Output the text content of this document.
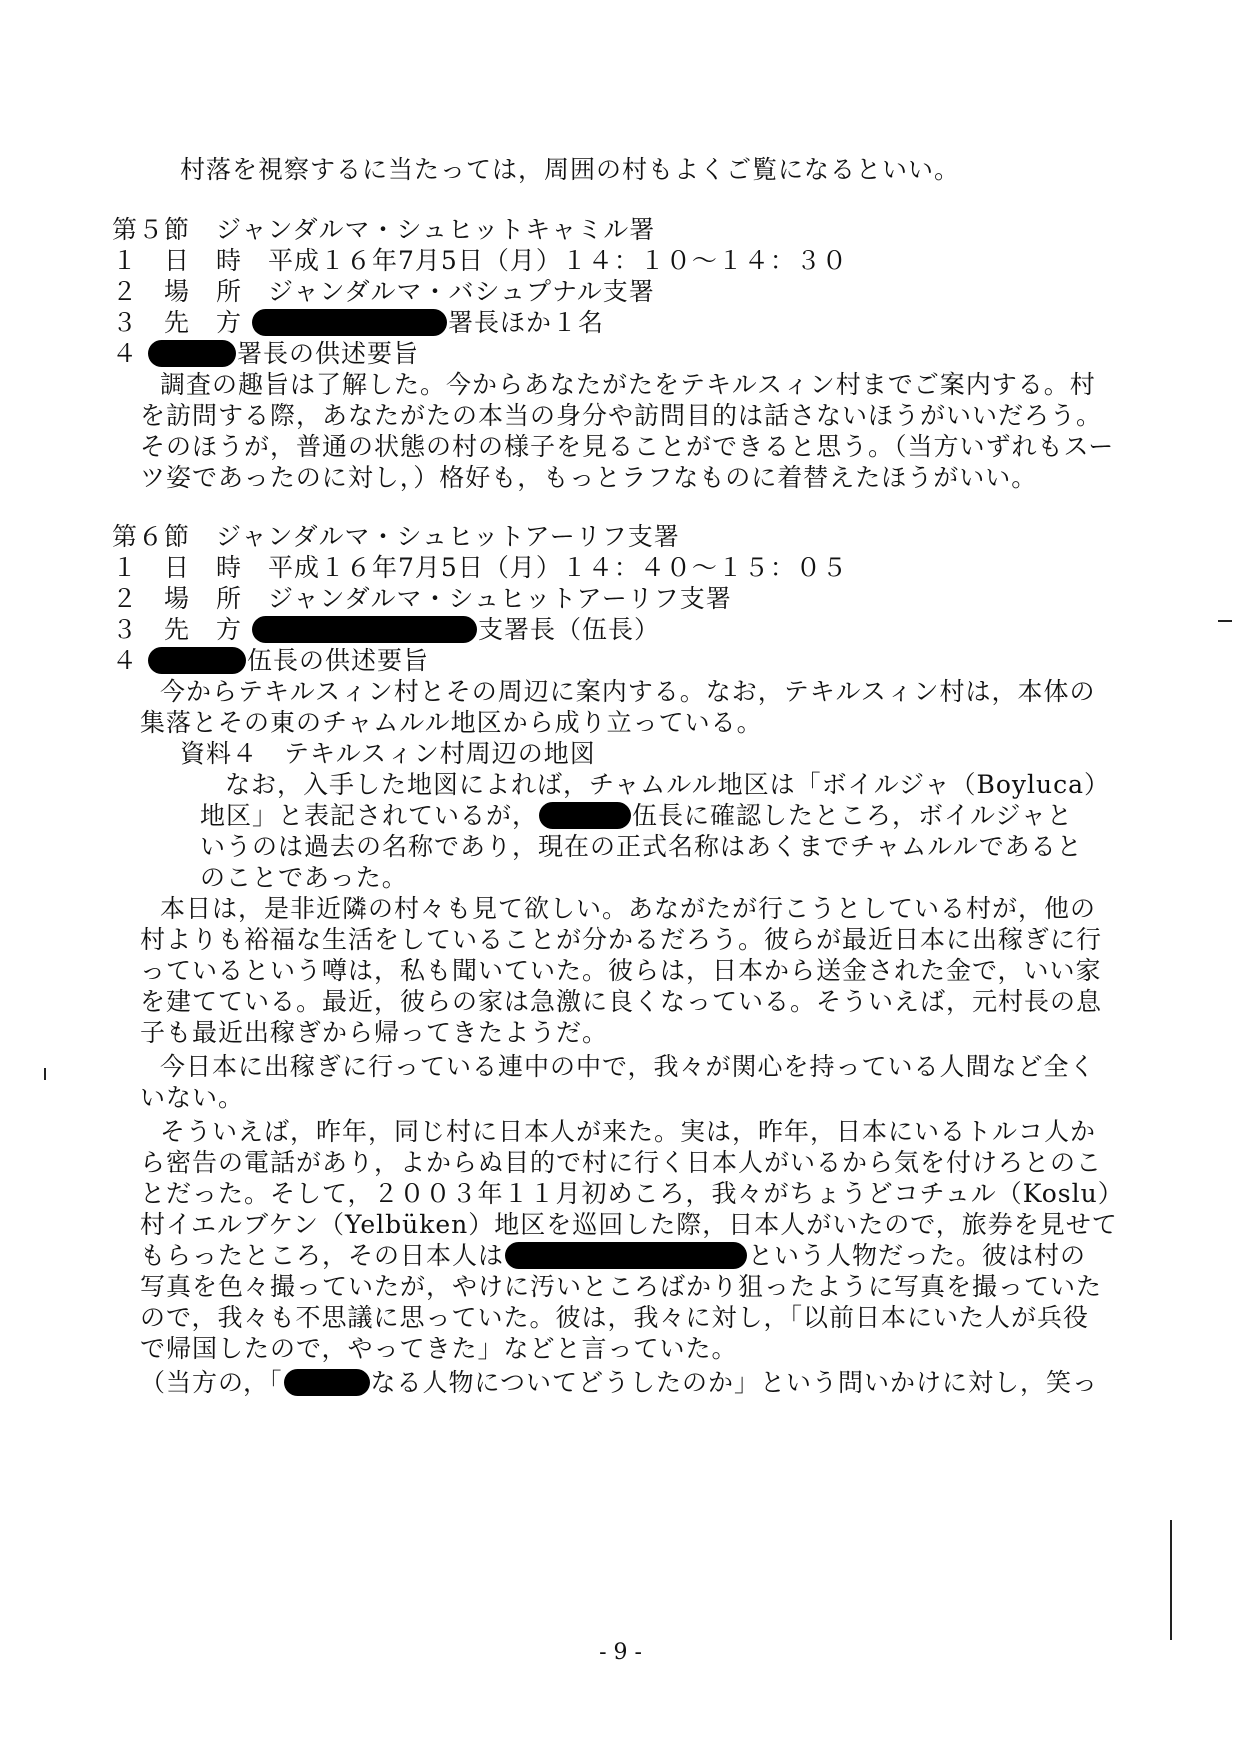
村落を視察するに当たっては，周囲の村もよくご覧になるといい。
第５節　ジャンダルマ・シュヒットキャミル署
１　日　時　平成１６年7月5日（月）１４：１０～１４：３０
２　場　所　ジャンダルマ・バシュプナル支署
３　先　方	署長ほか１名
４	署長の供述要旨
調査の趣旨は了解した。今からあなたがたをテキルスィン村までご案内する。村
を訪問する際，あなたがたの本当の身分や訪問目的は話さないほうがいいだろう。
そのほうが，普通の状態の村の様子を見ることができると思う。（当方いずれもスー
ツ姿であったのに対し，）格好も，もっとラフなものに着替えたほうがいい。
第６節　ジャンダルマ・シュヒットアーリフ支署
１　日　時　平成１６年7月5日（月）１４：４０～１５：０５
２　場　所　ジャンダルマ・シュヒットアーリフ支署
３　先　方	支署長（伍長）
４	伍長の供述要旨
今からテキルスィン村とその周辺に案内する。なお，テキルスィン村は，本体の
集落とその東のチャムルル地区から成り立っている。
資料４　テキルスィン村周辺の地図
なお，入手した地図によれば，チャムルル地区は「ボイルジャ（Boyluca）
地区」と表記されているが，	伍長に確認したところ，ボイルジャと
いうのは過去の名称であり，現在の正式名称はあくまでチャムルルであると
のことであった。
本日は，是非近隣の村々も見て欲しい。あながたが行こうとしている村が，他の
村よりも裕福な生活をしていることが分かるだろう。彼らが最近日本に出稼ぎに行
っているという噂は，私も聞いていた。彼らは，日本から送金された金で，いい家
を建てている。最近，彼らの家は急激に良くなっている。そういえば，元村長の息
子も最近出稼ぎから帰ってきたようだ。
今日本に出稼ぎに行っている連中の中で，我々が関心を持っている人間など全く
いない。
そういえば，昨年，同じ村に日本人が来た。実は，昨年，日本にいるトルコ人か
ら密告の電話があり，よからぬ目的で村に行く日本人がいるから気を付けろとのこ
とだった。そして，２００３年１１月初めころ，我々がちょうどコチュル（Koslu）
村イエルブケン（Yelbüken）地区を巡回した際，日本人がいたので，旅券を見せて
もらったところ，その日本人は	という人物だった。彼は村の
写真を色々撮っていたが，やけに汚いところばかり狙ったように写真を撮っていた
ので，我々も不思議に思っていた。彼は，我々に対し，「以前日本にいた人が兵役
で帰国したので，やってきた」などと言っていた。
（当方の，「	なる人物についてどうしたのか」という問いかけに対し，笑っ
- 9 -
